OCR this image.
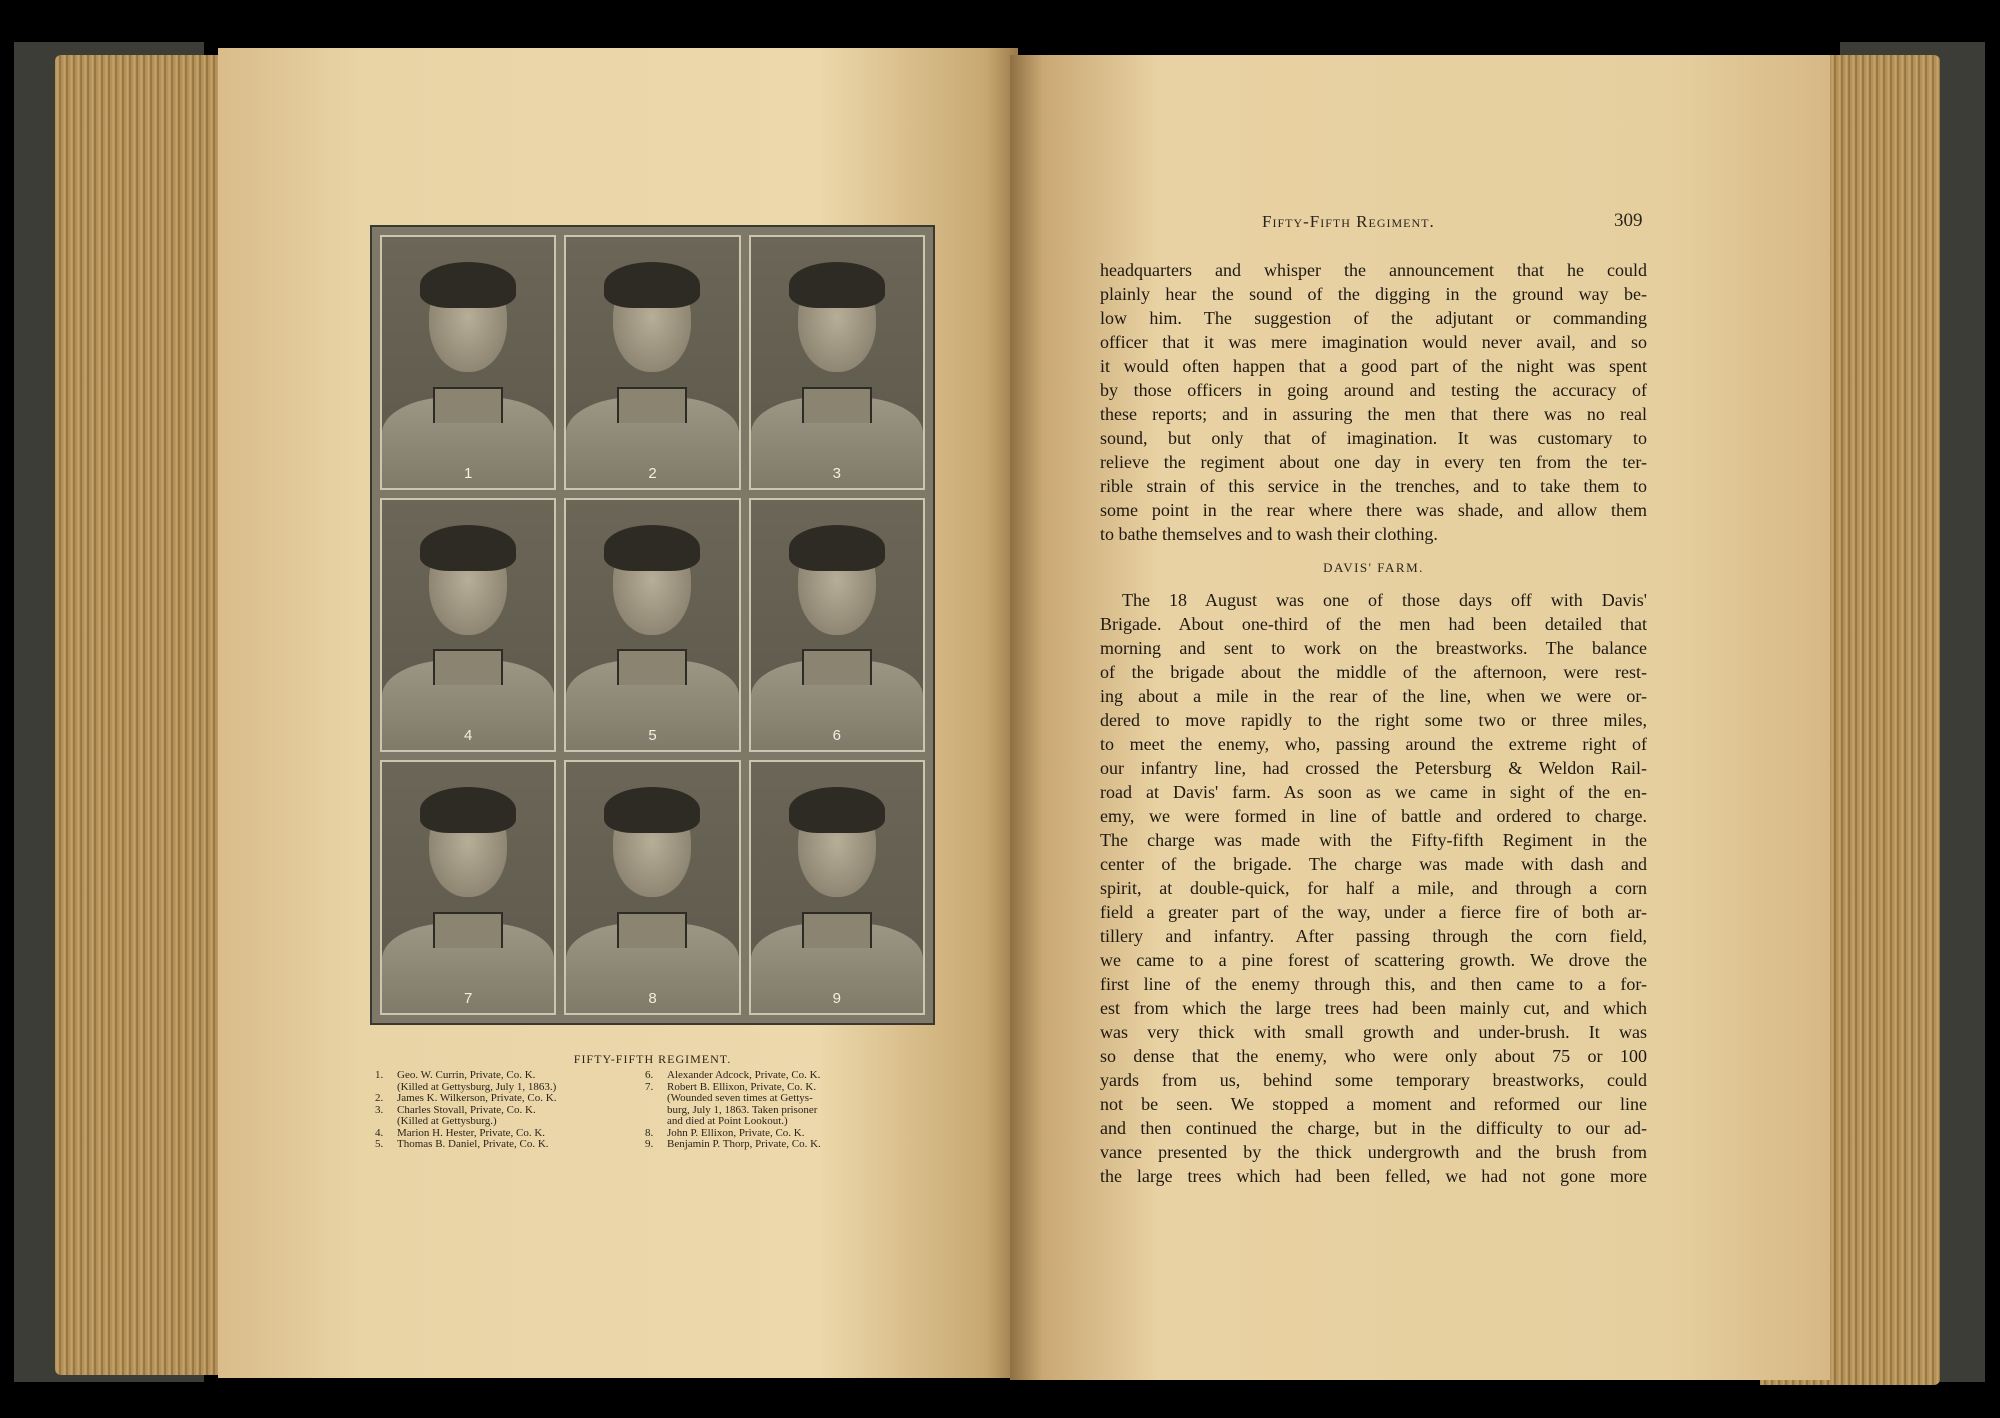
1	2	3
4	5	6
7	8	9
FIFTY-FIFTH REGIMENT.
1.	Geo. W. Currin, Private, Co. K.
(Killed at Gettysburg, July 1, 1863.)
2.	James K. Wilkerson, Private, Co. K.
3.	Charles Stovall, Private, Co. K.
(Killed at Gettysburg.)
4.	Marion H. Hester, Private, Co. K.
5.	Thomas B. Daniel, Private, Co. K.
6.	Alexander Adcock, Private, Co. K.
7.	Robert B. Ellixon, Private, Co. K.
(Wounded seven times at Gettys-
burg, July 1, 1863. Taken prisoner
and died at Point Lookout.)
8.	John P. Ellixon, Private, Co. K.
9.	Benjamin P. Thorp, Private, Co. K.
Fifty-Fifth Regiment.	309
headquarters and whisper the announcement that he could
plainly hear the sound of the digging in the ground way be-
low him. The suggestion of the adjutant or commanding
officer that it was mere imagination would never avail, and so
it would often happen that a good part of the night was spent
by those officers in going around and testing the accuracy of
these reports; and in assuring the men that there was no real
sound, but only that of imagination. It was customary to
relieve the regiment about one day in every ten from the ter-
rible strain of this service in the trenches, and to take them to
some point in the rear where there was shade, and allow them
to bathe themselves and to wash their clothing.
DAVIS' FARM.
The 18 August was one of those days off with Davis'
Brigade. About one-third of the men had been detailed that
morning and sent to work on the breastworks. The balance
of the brigade about the middle of the afternoon, were rest-
ing about a mile in the rear of the line, when we were or-
dered to move rapidly to the right some two or three miles,
to meet the enemy, who, passing around the extreme right of
our infantry line, had crossed the Petersburg & Weldon Rail-
road at Davis' farm. As soon as we came in sight of the en-
emy, we were formed in line of battle and ordered to charge.
The charge was made with the Fifty-fifth Regiment in the
center of the brigade. The charge was made with dash and
spirit, at double-quick, for half a mile, and through a corn
field a greater part of the way, under a fierce fire of both ar-
tillery and infantry. After passing through the corn field,
we came to a pine forest of scattering growth. We drove the
first line of the enemy through this, and then came to a for-
est from which the large trees had been mainly cut, and which
was very thick with small growth and under-brush. It was
so dense that the enemy, who were only about 75 or 100
yards from us, behind some temporary breastworks, could
not be seen. We stopped a moment and reformed our line
and then continued the charge, but in the difficulty to our ad-
vance presented by the thick undergrowth and the brush from
the large trees which had been felled, we had not gone more
